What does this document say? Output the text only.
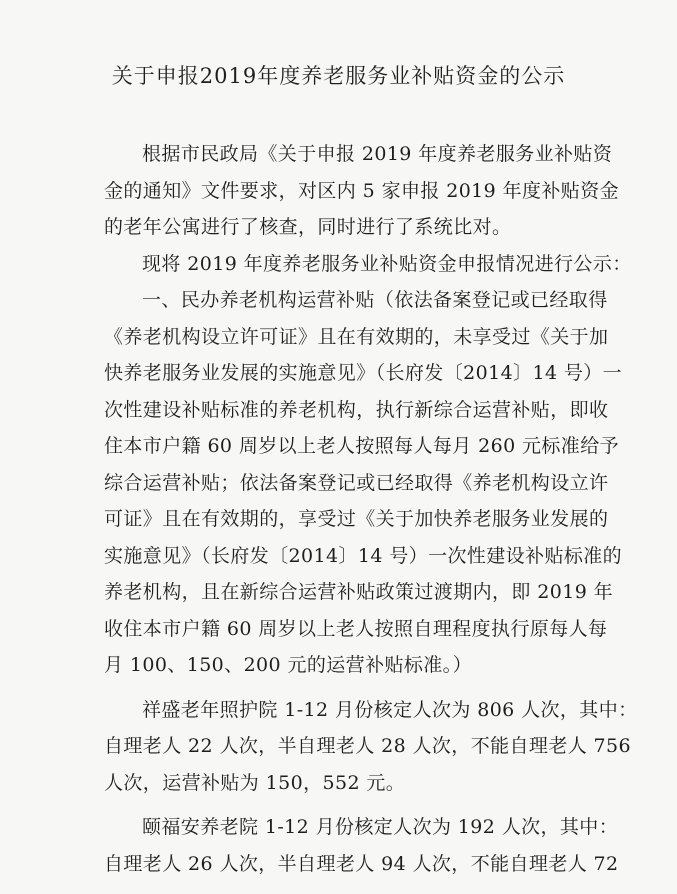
关于申报2019年度养老服务业补贴资金的公示
根据市民政局《关于申报 2019 年度养老服务业补贴资
金的通知》文件要求，对区内 5 家申报 2019 年度补贴资金
的老年公寓进行了核查，同时进行了系统比对。
现将 2019 年度养老服务业补贴资金申报情况进行公示：
一、民办养老机构运营补贴（依法备案登记或已经取得
《养老机构设立许可证》且在有效期的，未享受过《关于加
快养老服务业发展的实施意见》（长府发〔2014〕14 号）一
次性建设补贴标准的养老机构，执行新综合运营补贴，即收
住本市户籍 60 周岁以上老人按照每人每月 260 元标准给予
综合运营补贴；依法备案登记或已经取得《养老机构设立许
可证》且在有效期的，享受过《关于加快养老服务业发展的
实施意见》（长府发〔2014〕14 号）一次性建设补贴标准的
养老机构，且在新综合运营补贴政策过渡期内，即 2019 年
收住本市户籍 60 周岁以上老人按照自理程度执行原每人每
月 100、150、200 元的运营补贴标准。）
祥盛老年照护院 1-12 月份核定人次为 806 人次，其中：
自理老人 22 人次，半自理老人 28 人次，不能自理老人 756
人次，运营补贴为 150，552 元。
颐福安养老院 1-12 月份核定人次为 192 人次，其中：
自理老人 26 人次，半自理老人 94 人次，不能自理老人 72
